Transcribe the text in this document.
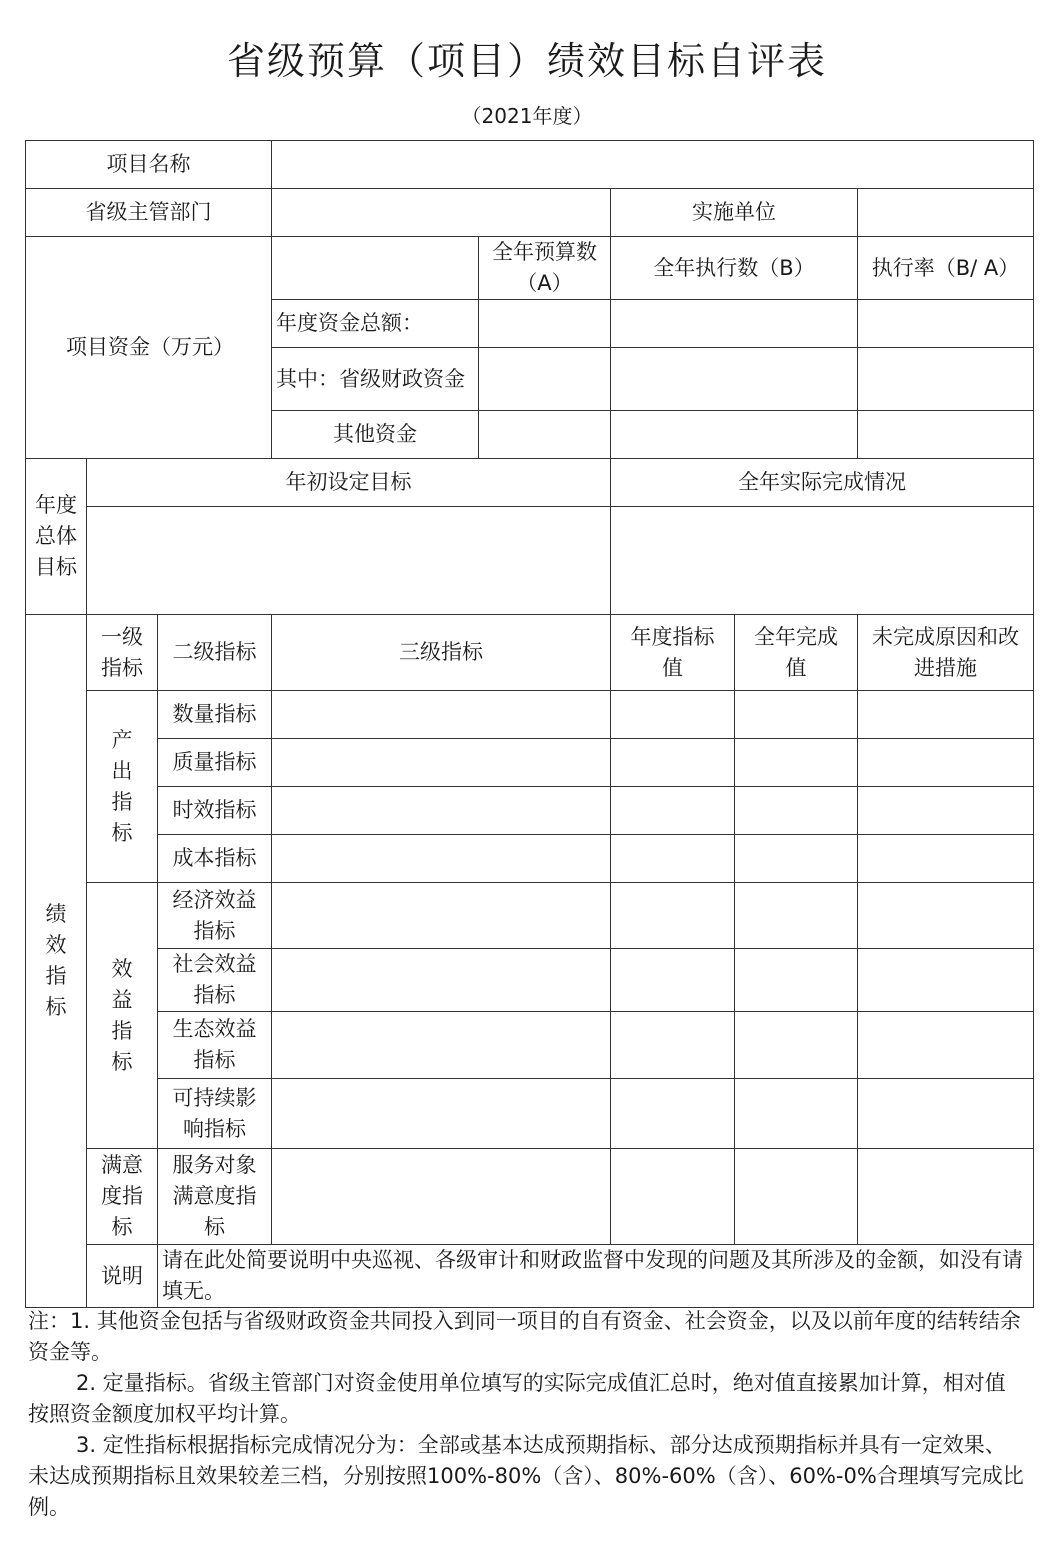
省级预算（项目）绩效目标自评表
（2021年度）
项目名称							
省级主管部门					实施单位		
项目资金（万元）				全年预算数（A）	全年执行数（B）		执行率（B/ A）
			年度资金总额：				
			其中：省级财政资金				
			其他资金				
年度总体目标	年初设定目标				全年实际完成情况		

绩效指标	一级指标	二级指标	三级指标		年度指标值	全年完成值	未完成原因和改进措施
	产出指标	数量指标					
		质量指标					
		时效指标					
		成本指标					
	效益指标	经济效益指标					
		社会效益指标					
		生态效益指标					
		可持续影响指标					
	满意度指标	服务对象满意度指标					
	说明	请在此处简要说明中央巡视、各级审计和财政监督中发现的问题及其所涉及的金额，如没有请填无。					

注：1. 其他资金包括与省级财政资金共同投入到同一项目的自有资金、社会资金，以及以前年度的结转结余资金等。

2. 定量指标。省级主管部门对资金使用单位填写的实际完成值汇总时，绝对值直接累加计算，相对值按照资金额度加权平均计算。

3. 定性指标根据指标完成情况分为：全部或基本达成预期指标、部分达成预期指标并具有一定效果、未达成预期指标且效果较差三档，分别按照100%-80%（含）、80%-60%（含）、60%-0%合理填写完成比例。
